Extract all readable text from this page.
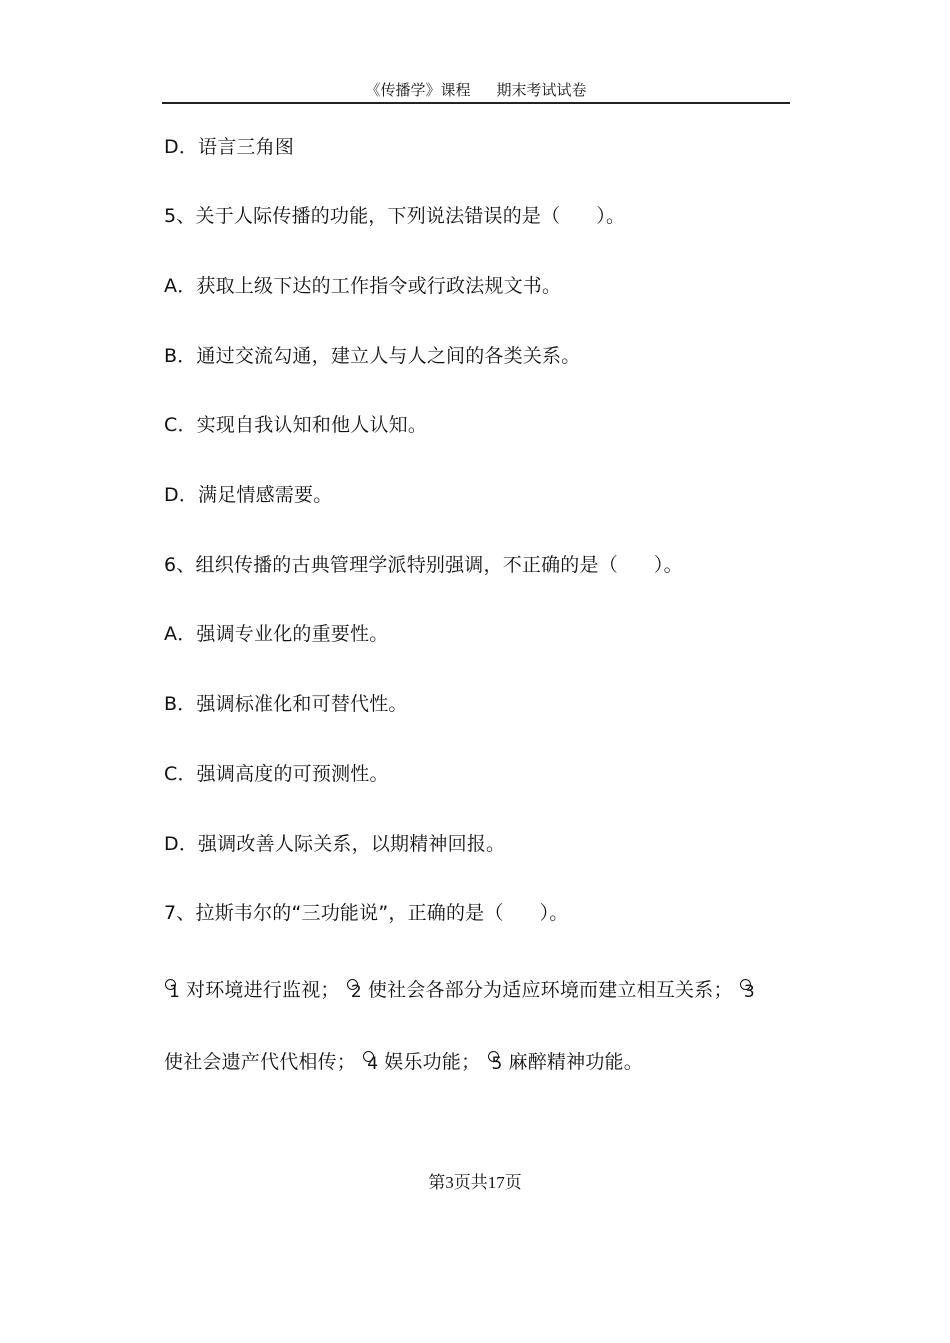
《传播学》课程 期末考试试卷
D．语言三角图
5、关于人际传播的功能，下列说法错误的是（ ）。
A．获取上级下达的工作指令或行政法规文书。
B．通过交流勾通，建立人与人之间的各类关系。
C．实现自我认知和他人认知。
D．满足情感需要。
6、组织传播的古典管理学派特别强调，不正确的是（ ）。
A．强调专业化的重要性。
B．强调标准化和可替代性。
C．强调高度的可预测性。
D．强调改善人际关系，以期精神回报。
7、拉斯韦尔的“三功能说”，正确的是（ ）。
1 对环境进行监视； 2 使社会各部分为适应环境而建立相互关系； 3
使社会遗产代代相传； 4 娱乐功能； 5 麻醉精神功能。
第3页共17页
